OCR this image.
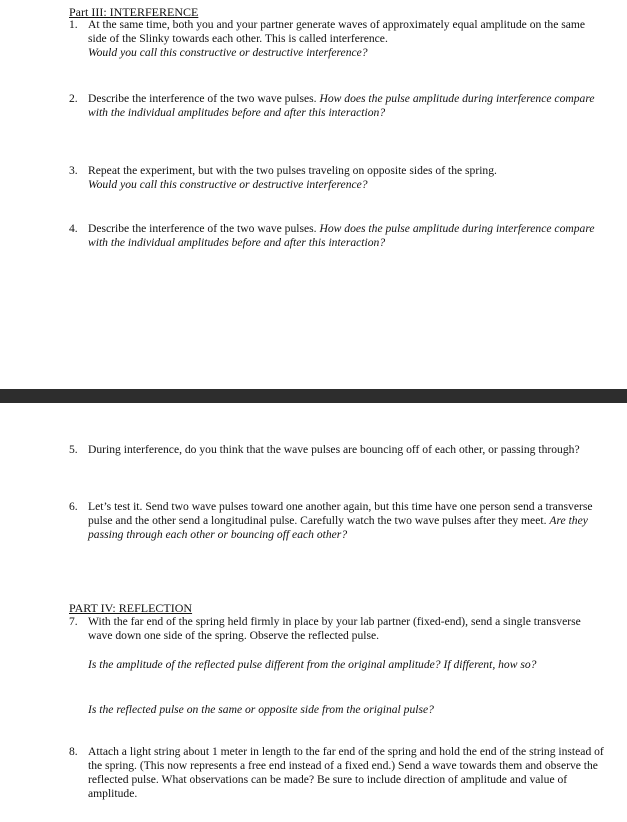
Part III: INTERFERENCE
1. At the same time, both you and your partner generate waves of approximately equal amplitude on the same side of the Slinky towards each other. This is called interference.
Would you call this constructive or destructive interference?
2. Describe the interference of the two wave pulses. How does the pulse amplitude during interference compare with the individual amplitudes before and after this interaction?
3. Repeat the experiment, but with the two pulses traveling on opposite sides of the spring.
Would you call this constructive or destructive interference?
4. Describe the interference of the two wave pulses. How does the pulse amplitude during interference compare with the individual amplitudes before and after this interaction?
5. During interference, do you think that the wave pulses are bouncing off of each other, or passing through?
6. Let’s test it. Send two wave pulses toward one another again, but this time have one person send a transverse pulse and the other send a longitudinal pulse. Carefully watch the two wave pulses after they meet. Are they passing through each other or bouncing off each other?
PART IV: REFLECTION
7. With the far end of the spring held firmly in place by your lab partner (fixed-end), send a single transverse wave down one side of the spring. Observe the reflected pulse.
Is the amplitude of the reflected pulse different from the original amplitude? If different, how so?
Is the reflected pulse on the same or opposite side from the original pulse?
8. Attach a light string about 1 meter in length to the far end of the spring and hold the end of the string instead of the spring. (This now represents a free end instead of a fixed end.) Send a wave towards them and observe the reflected pulse. What observations can be made? Be sure to include direction of amplitude and value of amplitude.
